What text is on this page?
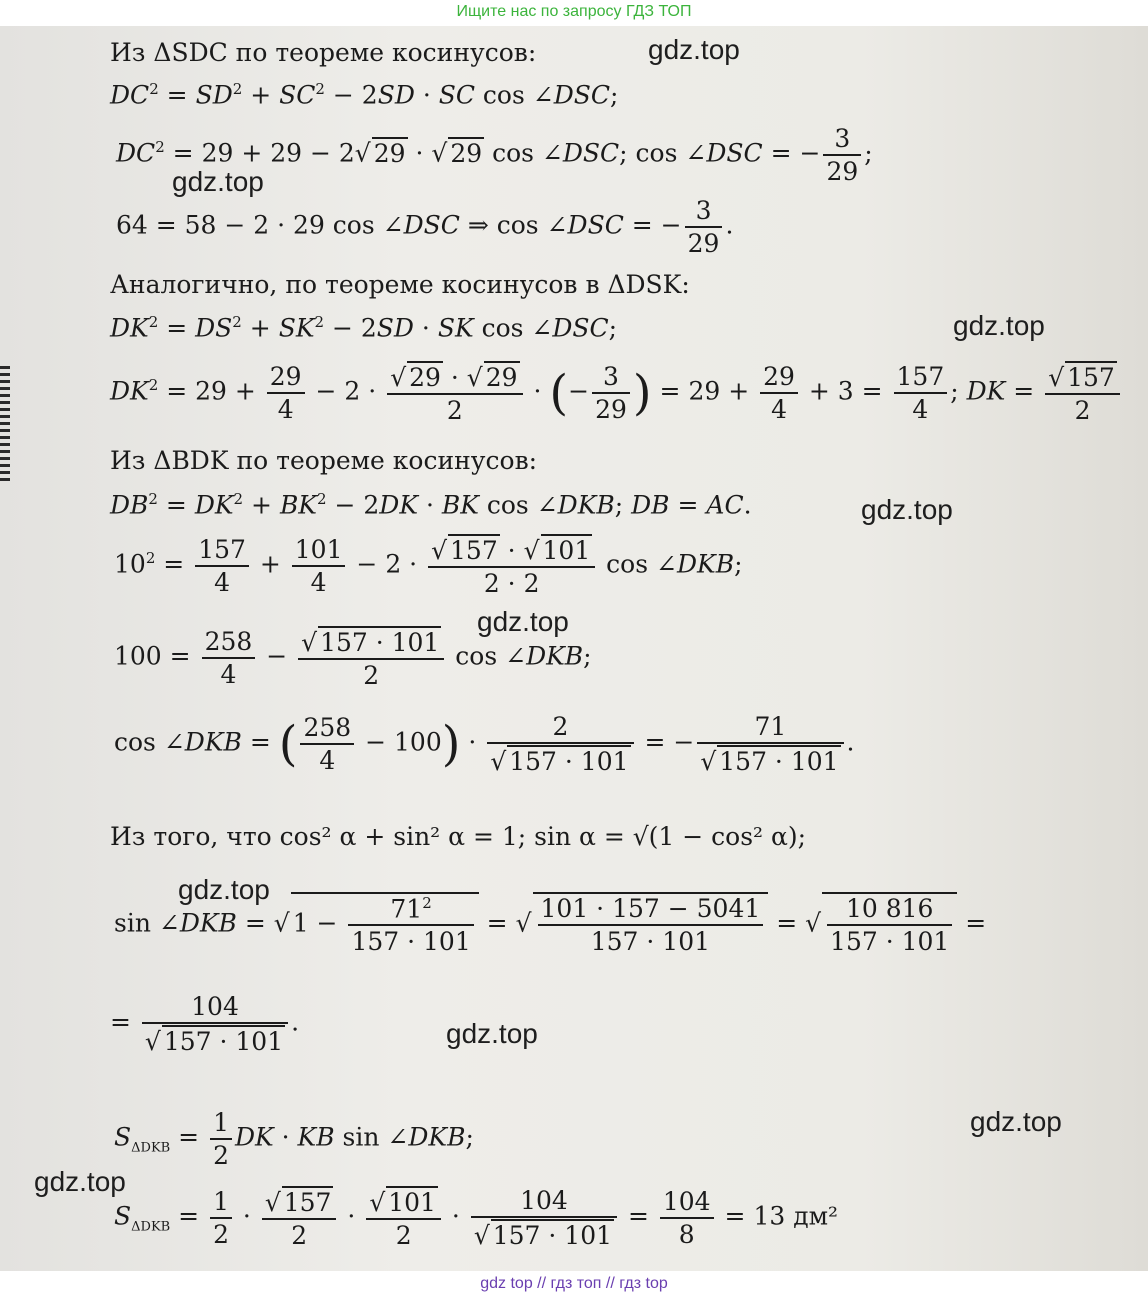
Ищите нас по запросу ГДЗ ТОП
gdz.top
gdz.top
gdz.top
gdz.top
gdz.top
gdz.top
gdz.top
gdz.top
gdz.top
Из ΔSDC по теореме косинусов:
$DC^2 = SD^2 + SC^2 - 2SD$ · SC cos ∠DSC;
$DC^2 = 29 + 29 - 2√$ 29 · √ 29 cos ∠DSC; cos ∠DSC = − $\frac{3}{29}$ ;
64 = 58 − 2 · 29 cos ∠DSC ⇒ cos ∠DSC = − $\frac{3}{29}$ .
Аналогично, по теореме косинусов в ΔDSK:
$DK^2 = DS^2 + SK^2 - 2SD$ · SK cos ∠DSC;
$DK^2 = 29 + \frac{29}{4} - 2 \cdot \frac{√ 29 \cdot √ 29}{2}$ · (− $\frac{3}{29}$ ) = $29 + \frac{29}{4} + 3 = \frac{157}{4}$ ; DK = $\frac{√ 157}{2}$
Из ΔBDK по теореме косинусов:
$DB^2 = DK^2 + BK^2 - 2DK$ · BK cos ∠DKB; DB = AC.
$10^2 = \frac{157}{4} + \frac{101}{4} - 2 \cdot \frac{√ 157 \cdot √ 101}{2 \cdot 2}$ cos ∠DKB;
$100 = \frac{258}{4} - \frac{√ 157 \cdot 101}{2}$ cos ∠DKB;
cos ∠DKB = ( $\frac{258}{4} - 100) \cdot \frac{2}{√ 157 \cdot 101}$ = − $\frac{71}{√ 157 \cdot 101}$ .
Из того, что cos² α + sin² α = 1; sin α = √(1 − cos² α);
sin ∠DKB = √ $1 - \frac{71^2}{157 \cdot 101}$ = √ $\frac{101 \cdot 157 - 5041}{157 \cdot 101}$ = √ $\frac{10 816}{157 \cdot 101}$ =
= $\frac{104}{√ 157 \cdot 101}$ .
$S_{\Delta DKB} = \frac{1}{2}$ DK · KB sin ∠DKB;
$S_{\Delta DKB} = \frac{1}{2} \cdot \frac{√ 157}{2} \cdot \frac{√ 101}{2} \cdot \frac{104}{√ 157 \cdot 101} = \frac{104}{8} = 13$ дм²
gdz top // гдз топ // гдз top
